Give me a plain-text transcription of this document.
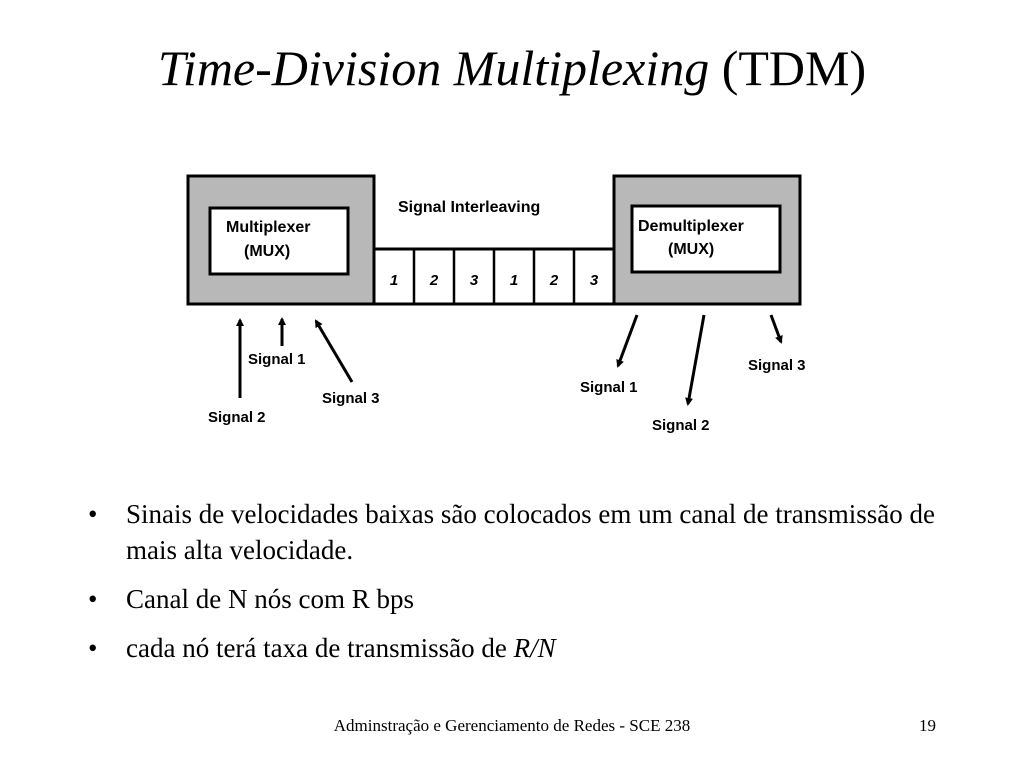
Time-Division Multiplexing (TDM)
Multiplexer
(MUX)
Demultiplexer
(MUX)
Signal Interleaving
1 2 3 1 2 3
Signal 1
Signal 2
Signal 3
Signal 1
Signal 2
Signal 3
• Sinais de velocidades baixas são colocados em um canal de transmissão de mais alta velocidade.
• Canal de N nós com R bps
• cada nó terá taxa de transmissão de R/N
Adminstração e Gerenciamento de Redes - SCE 238	19
